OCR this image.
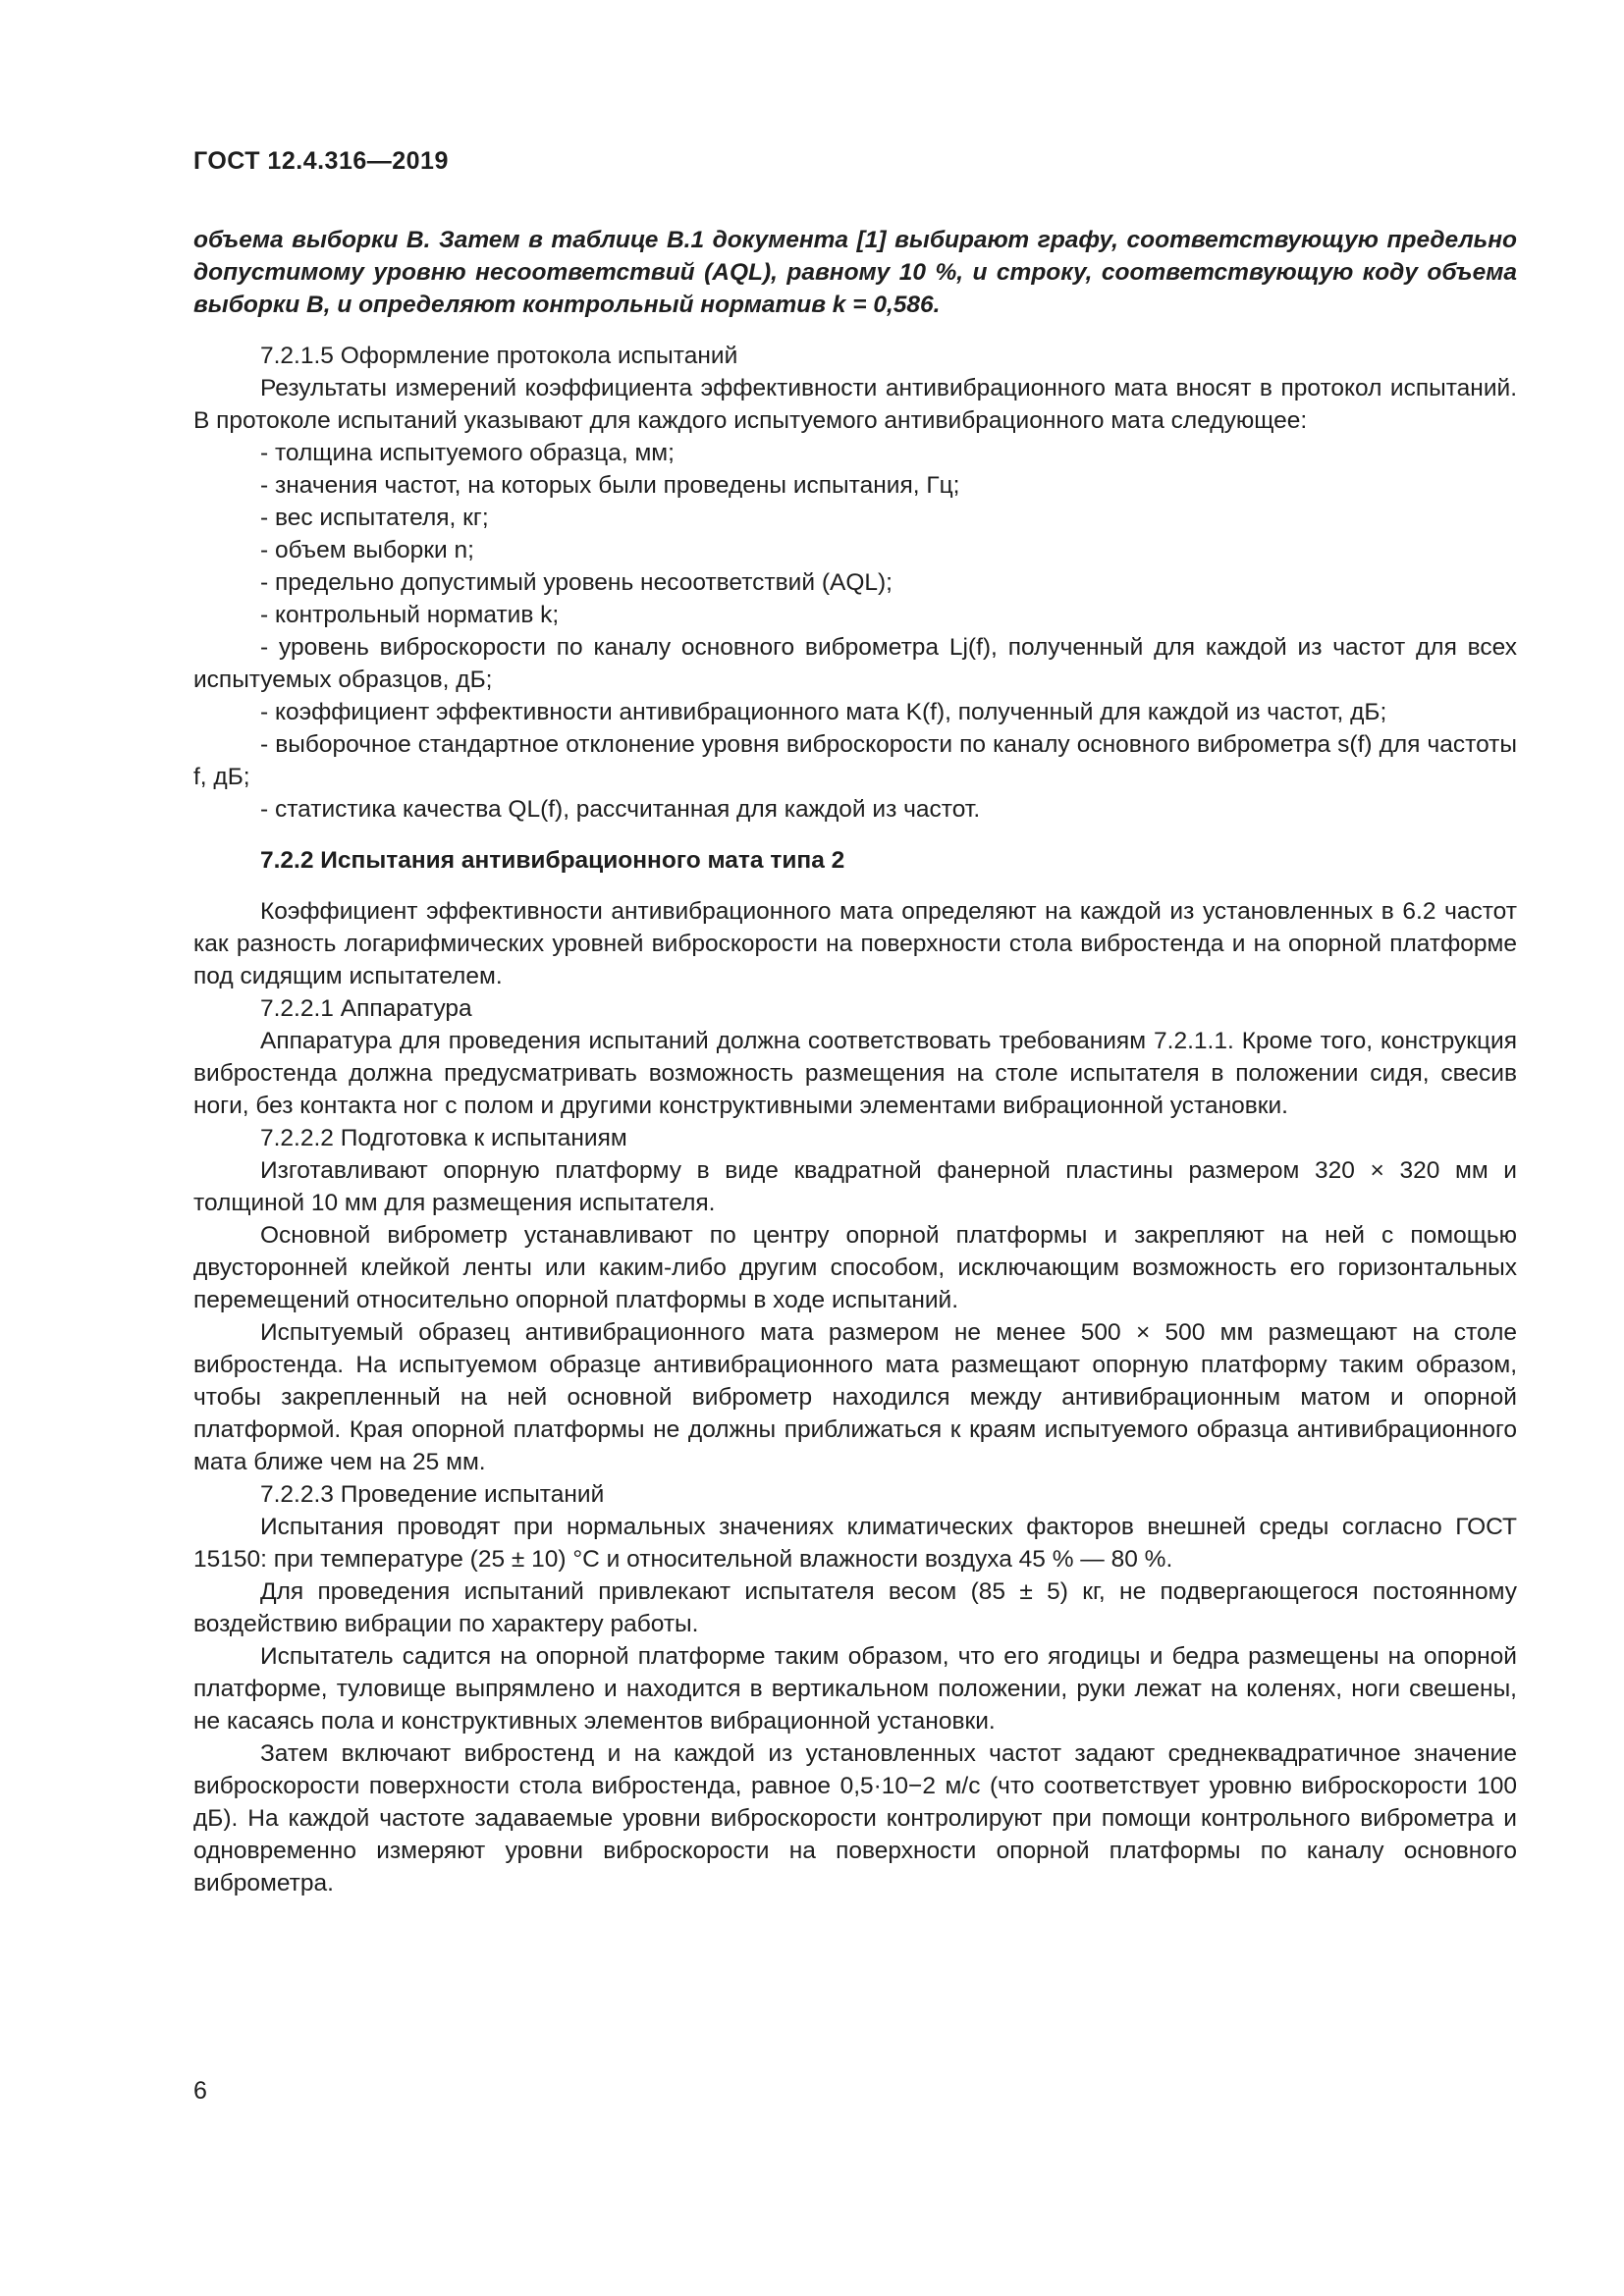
ГОСТ 12.4.316—2019

объема выборки В. Затем в таблице В.1 документа [1] выбирают графу, соответствующую предельно допустимому уровню несоответствий (AQL), равному 10 %, и строку, соответствующую коду объема выборки В, и определяют контрольный норматив k = 0,586.

7.2.1.5 Оформление протокола испытаний

Результаты измерений коэффициента эффективности антивибрационного мата вносят в протокол испытаний. В протоколе испытаний указывают для каждого испытуемого антивибрационного мата следующее:

- толщина испытуемого образца, мм;

- значения частот, на которых были проведены испытания, Гц;

- вес испытателя, кг;

- объем выборки n;

- предельно допустимый уровень несоответствий (AQL);

- контрольный норматив k;

- уровень виброскорости по каналу основного виброметра Lj(f), полученный для каждой из частот для всех испытуемых образцов, дБ;

- коэффициент эффективности антивибрационного мата K(f), полученный для каждой из частот, дБ;

- выборочное стандартное отклонение уровня виброскорости по каналу основного виброметра s(f) для частоты f, дБ;

- статистика качества QL(f), рассчитанная для каждой из частот.

7.2.2 Испытания антивибрационного мата типа 2

Коэффициент эффективности антивибрационного мата определяют на каждой из установленных в 6.2 частот как разность логарифмических уровней виброскорости на поверхности стола вибростенда и на опорной платформе под сидящим испытателем.

7.2.2.1 Аппаратура

Аппаратура для проведения испытаний должна соответствовать требованиям 7.2.1.1. Кроме того, конструкция вибростенда должна предусматривать возможность размещения на столе испытателя в положении сидя, свесив ноги, без контакта ног с полом и другими конструктивными элементами вибрационной установки.

7.2.2.2 Подготовка к испытаниям

Изготавливают опорную платформу в виде квадратной фанерной пластины размером 320 × 320 мм и толщиной 10 мм для размещения испытателя.

Основной виброметр устанавливают по центру опорной платформы и закрепляют на ней с помощью двусторонней клейкой ленты или каким-либо другим способом, исключающим возможность его горизонтальных перемещений относительно опорной платформы в ходе испытаний.

Испытуемый образец антивибрационного мата размером не менее 500 × 500 мм размещают на столе вибростенда. На испытуемом образце антивибрационного мата размещают опорную платформу таким образом, чтобы закрепленный на ней основной виброметр находился между антивибрационным матом и опорной платформой. Края опорной платформы не должны приближаться к краям испытуемого образца антивибрационного мата ближе чем на 25 мм.

7.2.2.3 Проведение испытаний

Испытания проводят при нормальных значениях климатических факторов внешней среды согласно ГОСТ 15150: при температуре (25 ± 10) °С и относительной влажности воздуха 45 % — 80 %.

Для проведения испытаний привлекают испытателя весом (85 ± 5) кг, не подвергающегося постоянному воздействию вибрации по характеру работы.

Испытатель садится на опорной платформе таким образом, что его ягодицы и бедра размещены на опорной платформе, туловище выпрямлено и находится в вертикальном положении, руки лежат на коленях, ноги свешены, не касаясь пола и конструктивных элементов вибрационной установки.

Затем включают вибростенд и на каждой из установленных частот задают среднеквадратичное значение виброскорости поверхности стола вибростенда, равное 0,5·10−2 м/с (что соответствует уровню виброскорости 100 дБ). На каждой частоте задаваемые уровни виброскорости контролируют при помощи контрольного виброметра и одновременно измеряют уровни виброскорости на поверхности опорной платформы по каналу основного виброметра.

6
